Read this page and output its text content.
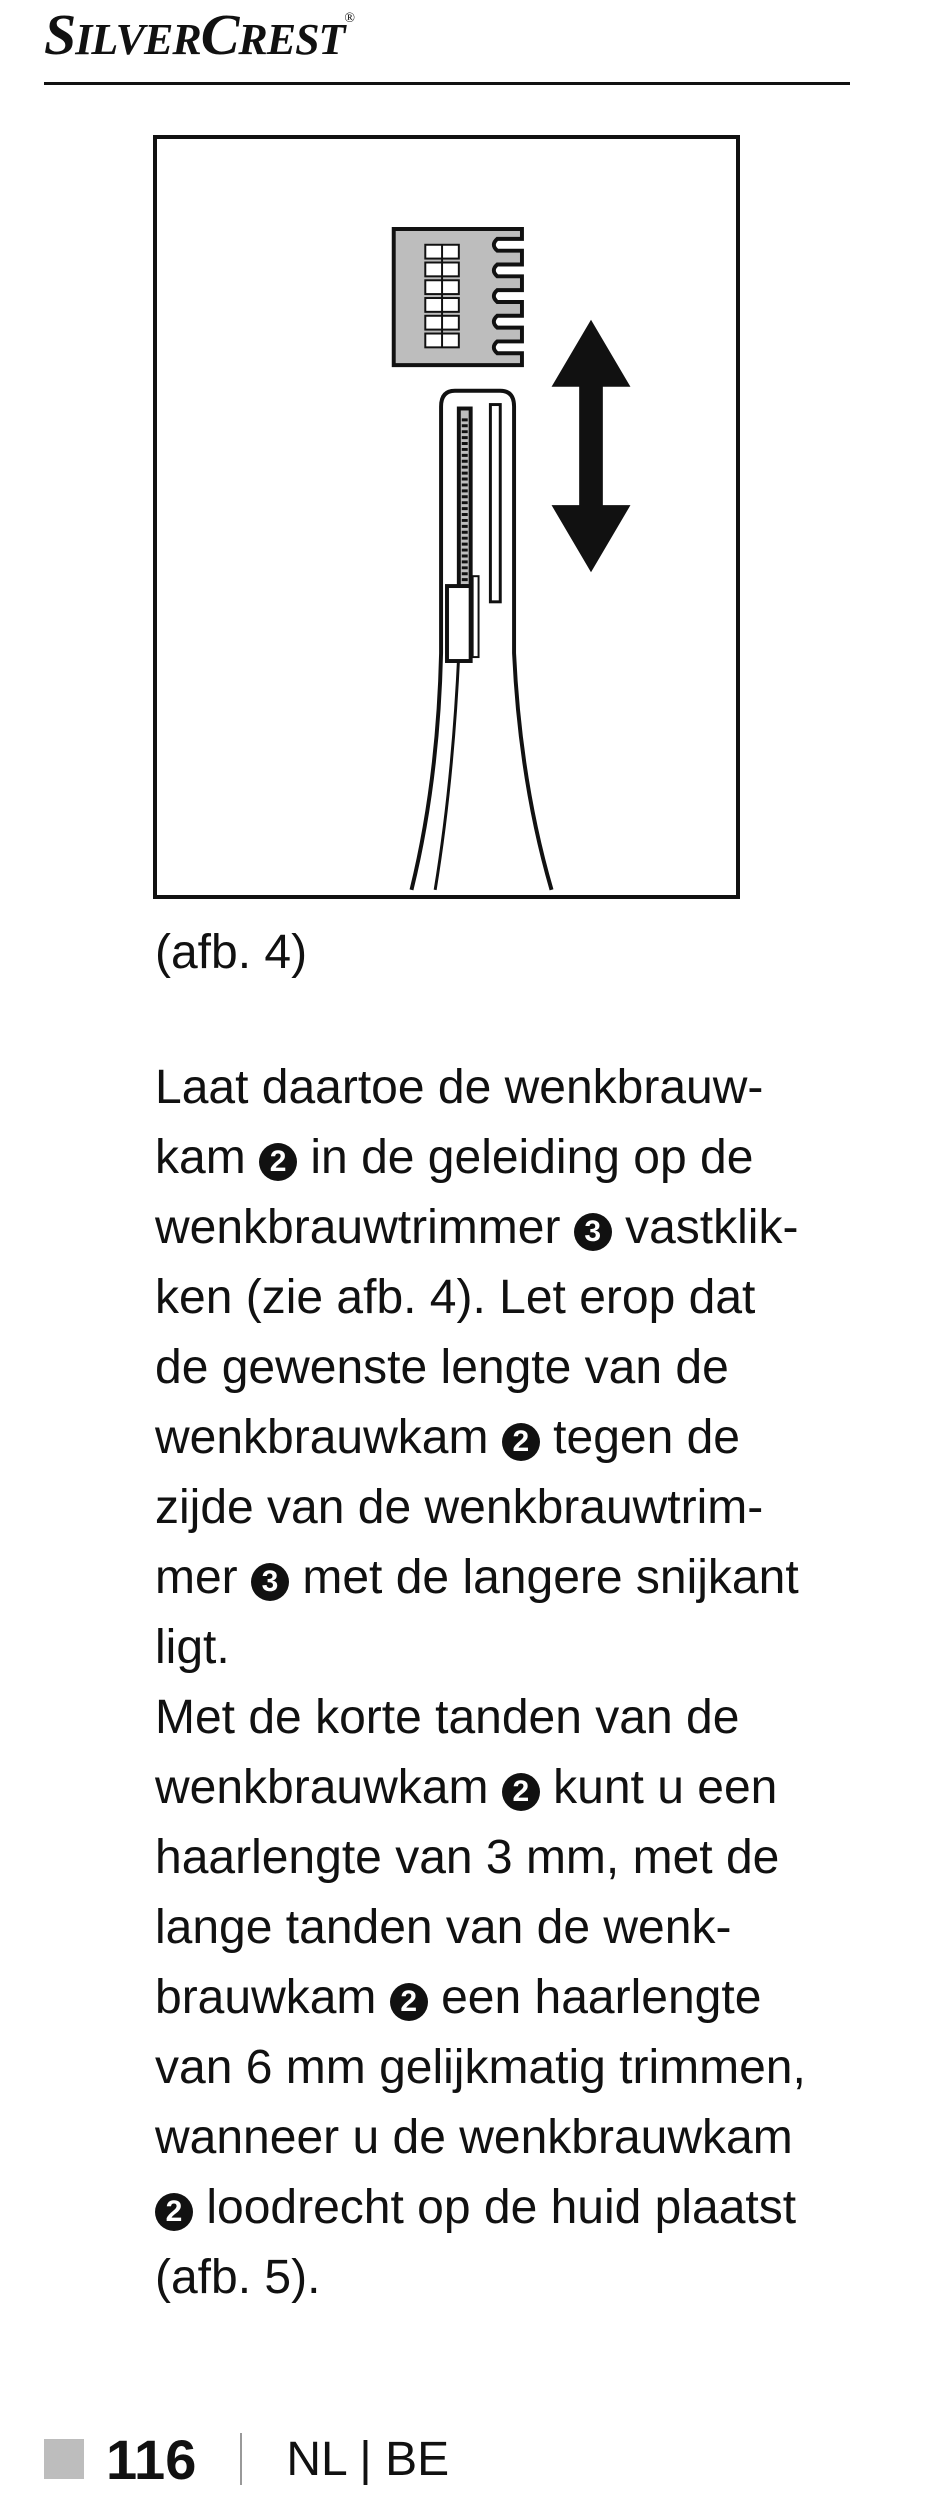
SILVERCREST®
(afb. 4)

Laat daartoe de wenkbrauw-
kam 2 in de geleiding op de
wenkbrauwtrimmer 3 vastklik-
ken (zie afb. 4). Let erop dat
de gewenste lengte van de
wenkbrauwkam 2 tegen de
zijde van de wenkbrauwtrim-
mer 3 met de langere snijkant
ligt.

Met de korte tanden van de
wenkbrauwkam 2 kunt u een
haarlengte van 3 mm, met de
lange tanden van de wenk-
brauwkam 2 een haarlengte
van 6 mm gelijkmatig trimmen,
wanneer u de wenkbrauwkam
2 loodrecht op de huid plaatst
(afb. 5).

116 NL | BE
